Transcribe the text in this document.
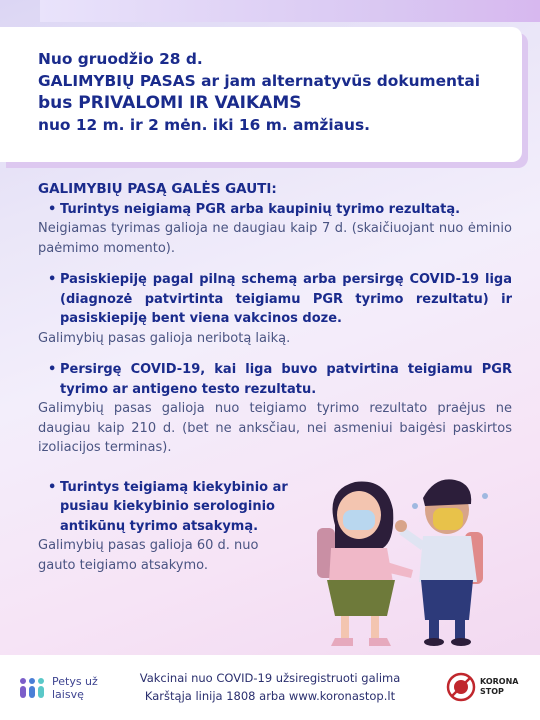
Nuo gruodžio 28 d.
GALIMYBIŲ PASAS ar jam alternatyvūs dokumentai
bus PRIVALOMI IR VAIKAMS
nuo 12 m. ir 2 mėn. iki 16 m. amžiaus.
GALIMYBIŲ PASĄ GALĖS GAUTI:
• Turintys neigiamą PGR arba kaupinių tyrimo rezultatą.
Neigiamas tyrimas galioja ne daugiau kaip 7 d. (skaičiuojant nuo ėminio paėmimo momento).
• Pasiskiepiję pagal pilną schemą arba persirgę COVID-19 liga (diagnozė patvirtinta teigiamu PGR tyrimo rezultatu) ir pasiskiepiję bent viena vakcinos doze.
Galimybių pasas galioja neribotą laiką.
• Persirgę COVID-19, kai liga buvo patvirtina teigiamu PGR tyrimo ar antigeno testo rezultatu.
Galimybių pasas galioja nuo teigiamo tyrimo rezultato praėjus ne daugiau kaip 210 d. (bet ne anksčiau, nei asmeniui baigėsi paskirtos izoliacijos terminas).
• Turintys teigiamą kiekybinio ar pusiau kiekybinio serologinio antikūnų tyrimo atsakymą.
Galimybių pasas galioja 60 d. nuo gauto teigiamo atsakymo.
Petys už laisvę
Vakcinai nuo COVID-19 užsiregistruoti galima
Karštąja linija 1808 arba www.koronastop.lt
KORONA STOP
